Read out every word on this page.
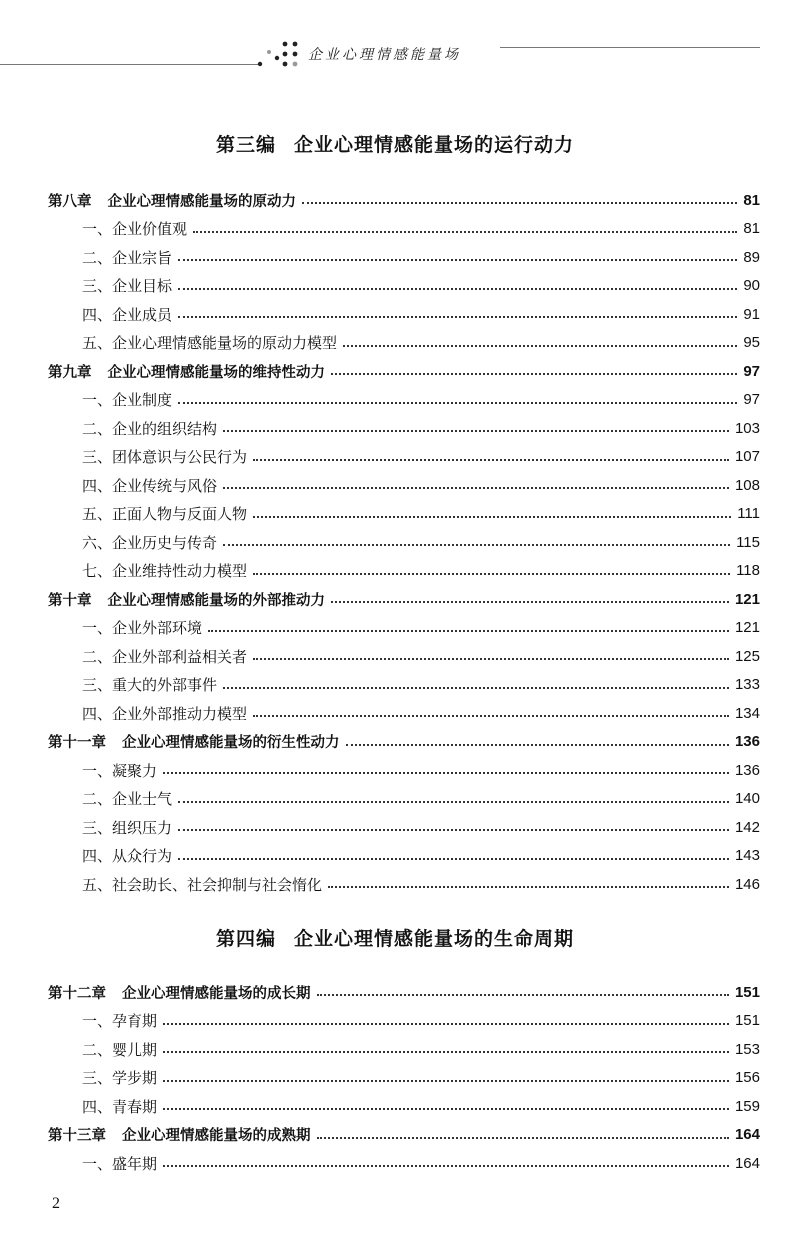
企业心理情感能量场
第三编 企业心理情感能量场的运行动力
第八章 企业心理情感能量场的原动力	81
一、企业价值观	81
二、企业宗旨	89
三、企业目标	90
四、企业成员	91
五、企业心理情感能量场的原动力模型	95
第九章 企业心理情感能量场的维持性动力	97
一、企业制度	97
二、企业的组织结构	103
三、团体意识与公民行为	107
四、企业传统与风俗	108
五、正面人物与反面人物	111
六、企业历史与传奇	115
七、企业维持性动力模型	118
第十章 企业心理情感能量场的外部推动力	121
一、企业外部环境	121
二、企业外部利益相关者	125
三、重大的外部事件	133
四、企业外部推动力模型	134
第十一章 企业心理情感能量场的衍生性动力	136
一、凝聚力	136
二、企业士气	140
三、组织压力	142
四、从众行为	143
五、社会助长、社会抑制与社会惰化	146
第四编 企业心理情感能量场的生命周期
第十二章 企业心理情感能量场的成长期	151
一、孕育期	151
二、婴儿期	153
三、学步期	156
四、青春期	159
第十三章 企业心理情感能量场的成熟期	164
一、盛年期	164
2
